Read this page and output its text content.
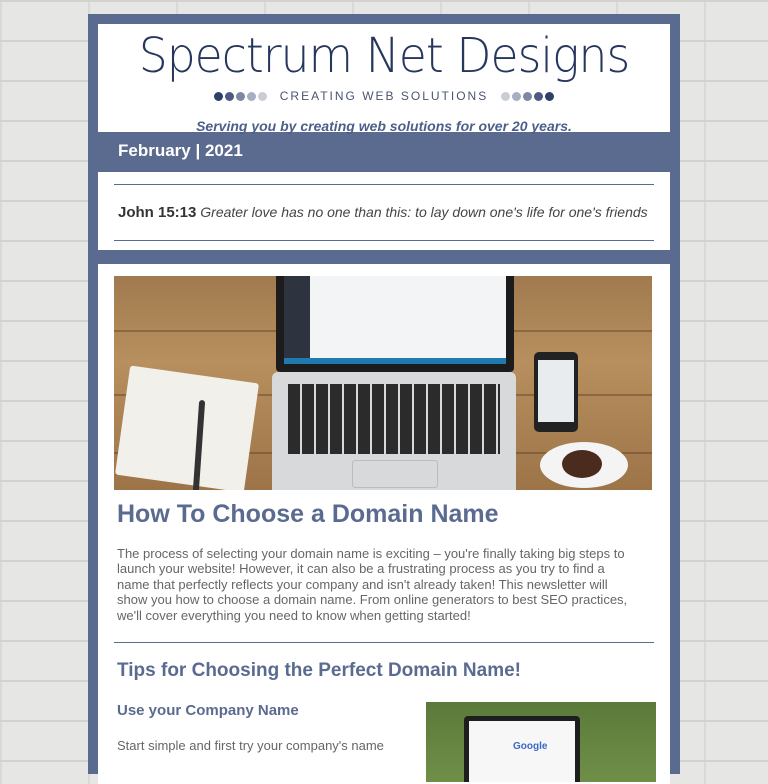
Spectrum Net Designs
CREATING WEB SOLUTIONS
Serving you by creating web solutions for over 20 years.
February | 2021
John 15:13 Greater love has no one than this: to lay down one's life for one's friends
How To Choose a Domain Name

The process of selecting your domain name is exciting – you're finally taking big steps to launch your website! However, it can also be a frustrating process as you try to find a name that perfectly reflects your company and isn't already taken! This newsletter will show you how to choose a domain name. From online generators to best SEO practices, we'll cover everything you need to know when getting started!

Tips for Choosing the Perfect Domain Name!
Use your Company Name
Google

Start simple and first try your company's name
